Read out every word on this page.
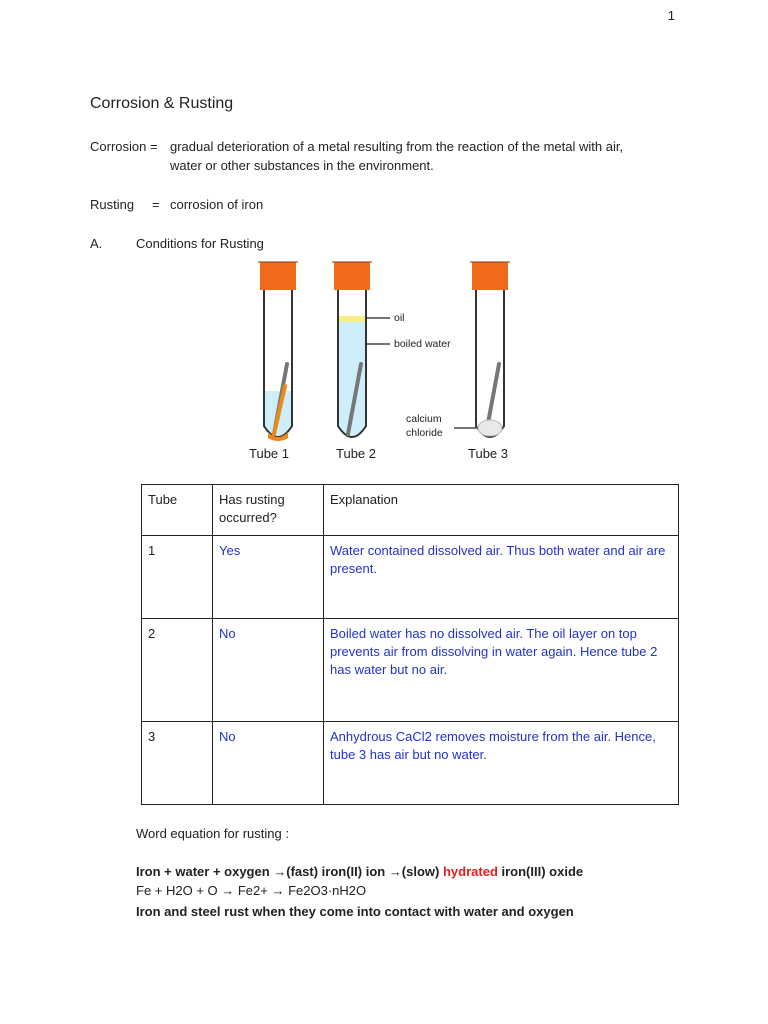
1
Corrosion & Rusting
Corrosion = gradual deterioration of a metal resulting from the reaction of the metal with air,
water or other substances in the environment.
Rusting = corrosion of iron
A.	Conditions for Rusting
oil
boiled water
calcium
chloride
Tube 1	Tube 2	Tube 3
Tube	Has rusting occurred?	Explanation
1	Yes	Water contained dissolved air. Thus both water and air are present.
2	No	Boiled water has no dissolved air. The oil layer on top prevents air from dissolving in water again. Hence tube 2 has water but no air.
3	No	Anhydrous CaCl2 removes moisture from the air. Hence, tube 3 has air but no water.
Word equation for rusting :
Iron + water + oxygen →(fast) iron(II) ion →(slow) hydrated iron(III) oxide
Fe + H2O + O → Fe2+ → Fe2O3·nH2O
Iron and steel rust when they come into contact with water and oxygen
